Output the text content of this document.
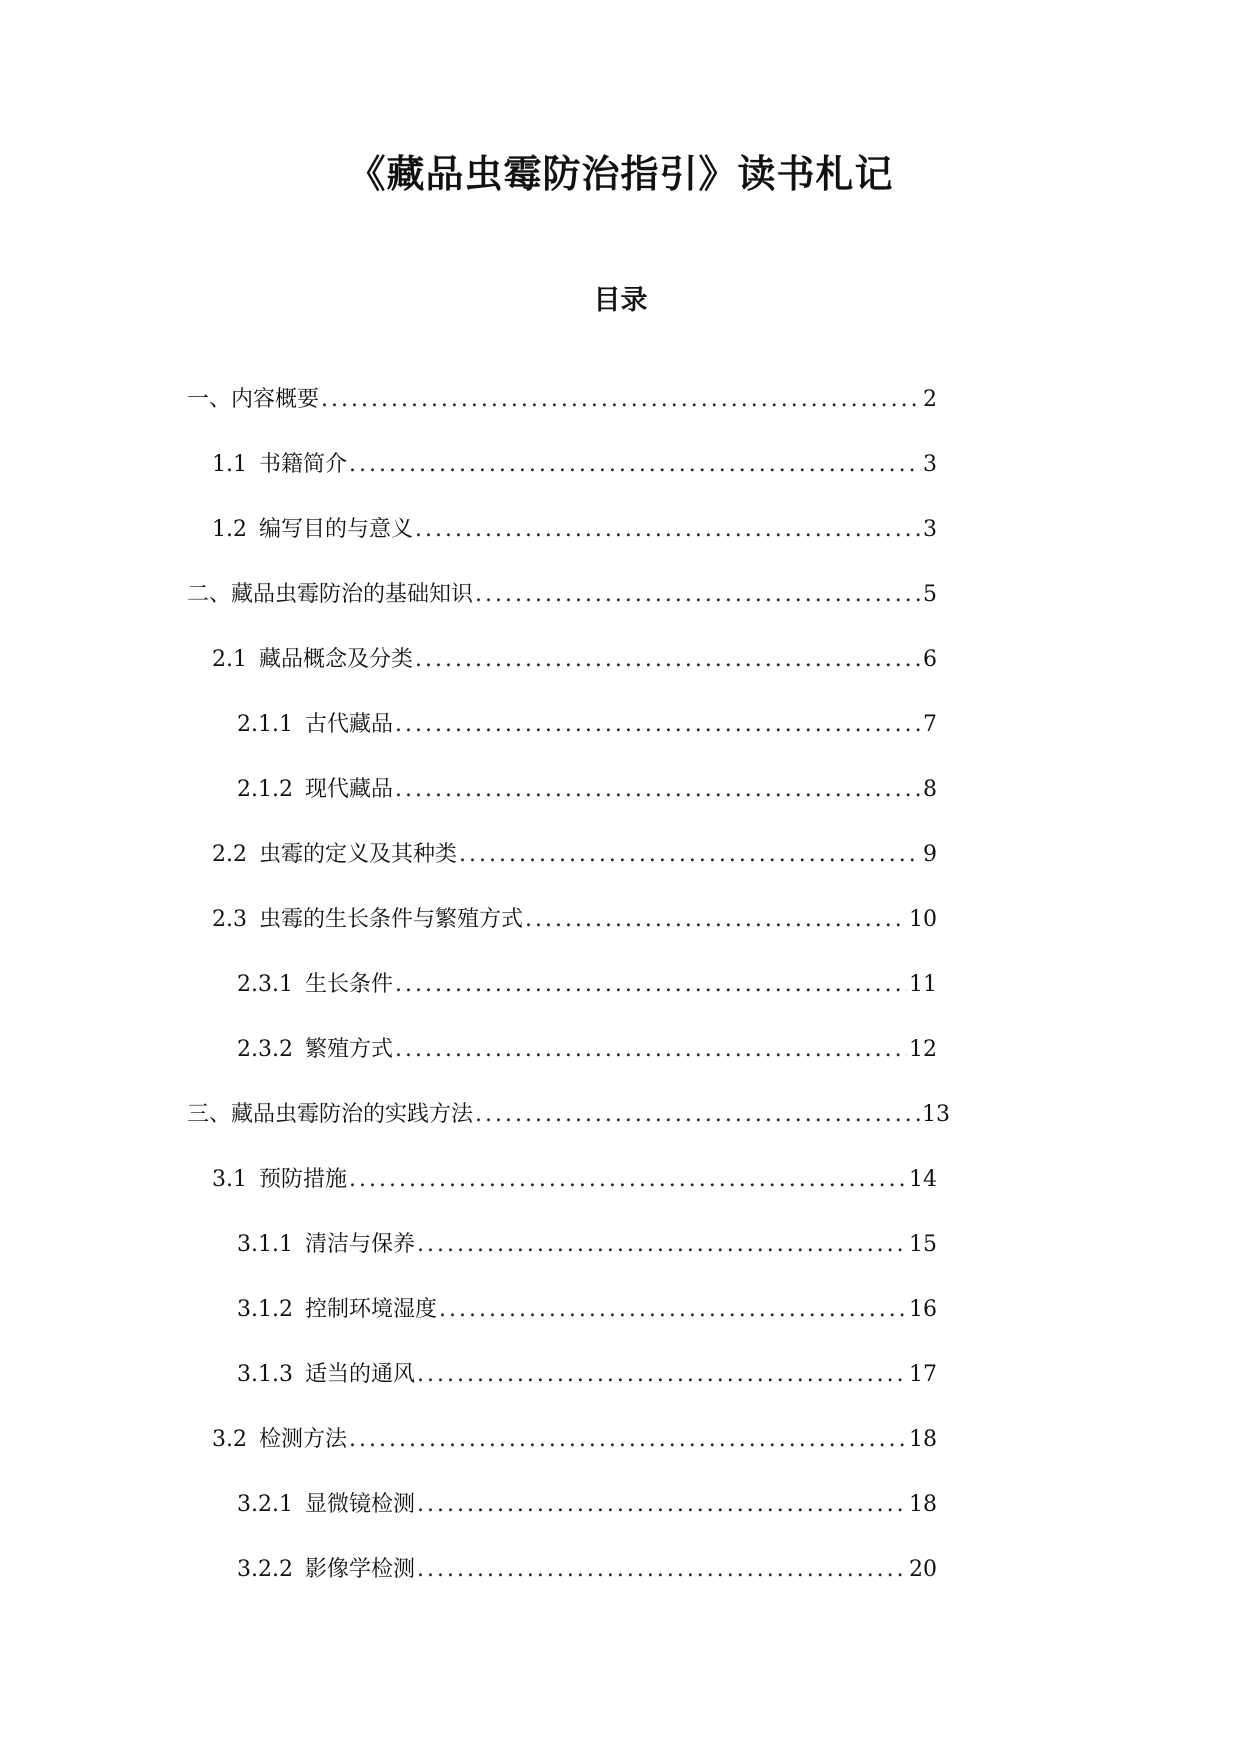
《藏品虫霉防治指引》读书札记
目录
一、内容概要 .....	2
1.1 书籍简介 .....	3
1.2 编写目的与意义 .....	3
二、藏品虫霉防治的基础知识 .....	5
2.1 藏品概念及分类 .....	6
2.1.1 古代藏品 .....	7
2.1.2 现代藏品 .....	8
2.2 虫霉的定义及其种类 .....	9
2.3 虫霉的生长条件与繁殖方式 .....	10
2.3.1 生长条件 .....	11
2.3.2 繁殖方式 .....	12
三、藏品虫霉防治的实践方法 .....	13
3.1 预防措施 .....	14
3.1.1 清洁与保养 .....	15
3.1.2 控制环境湿度 .....	16
3.1.3 适当的通风 .....	17
3.2 检测方法 .....	18
3.2.1 显微镜检测 .....	18
3.2.2 影像学检测 .....	20
